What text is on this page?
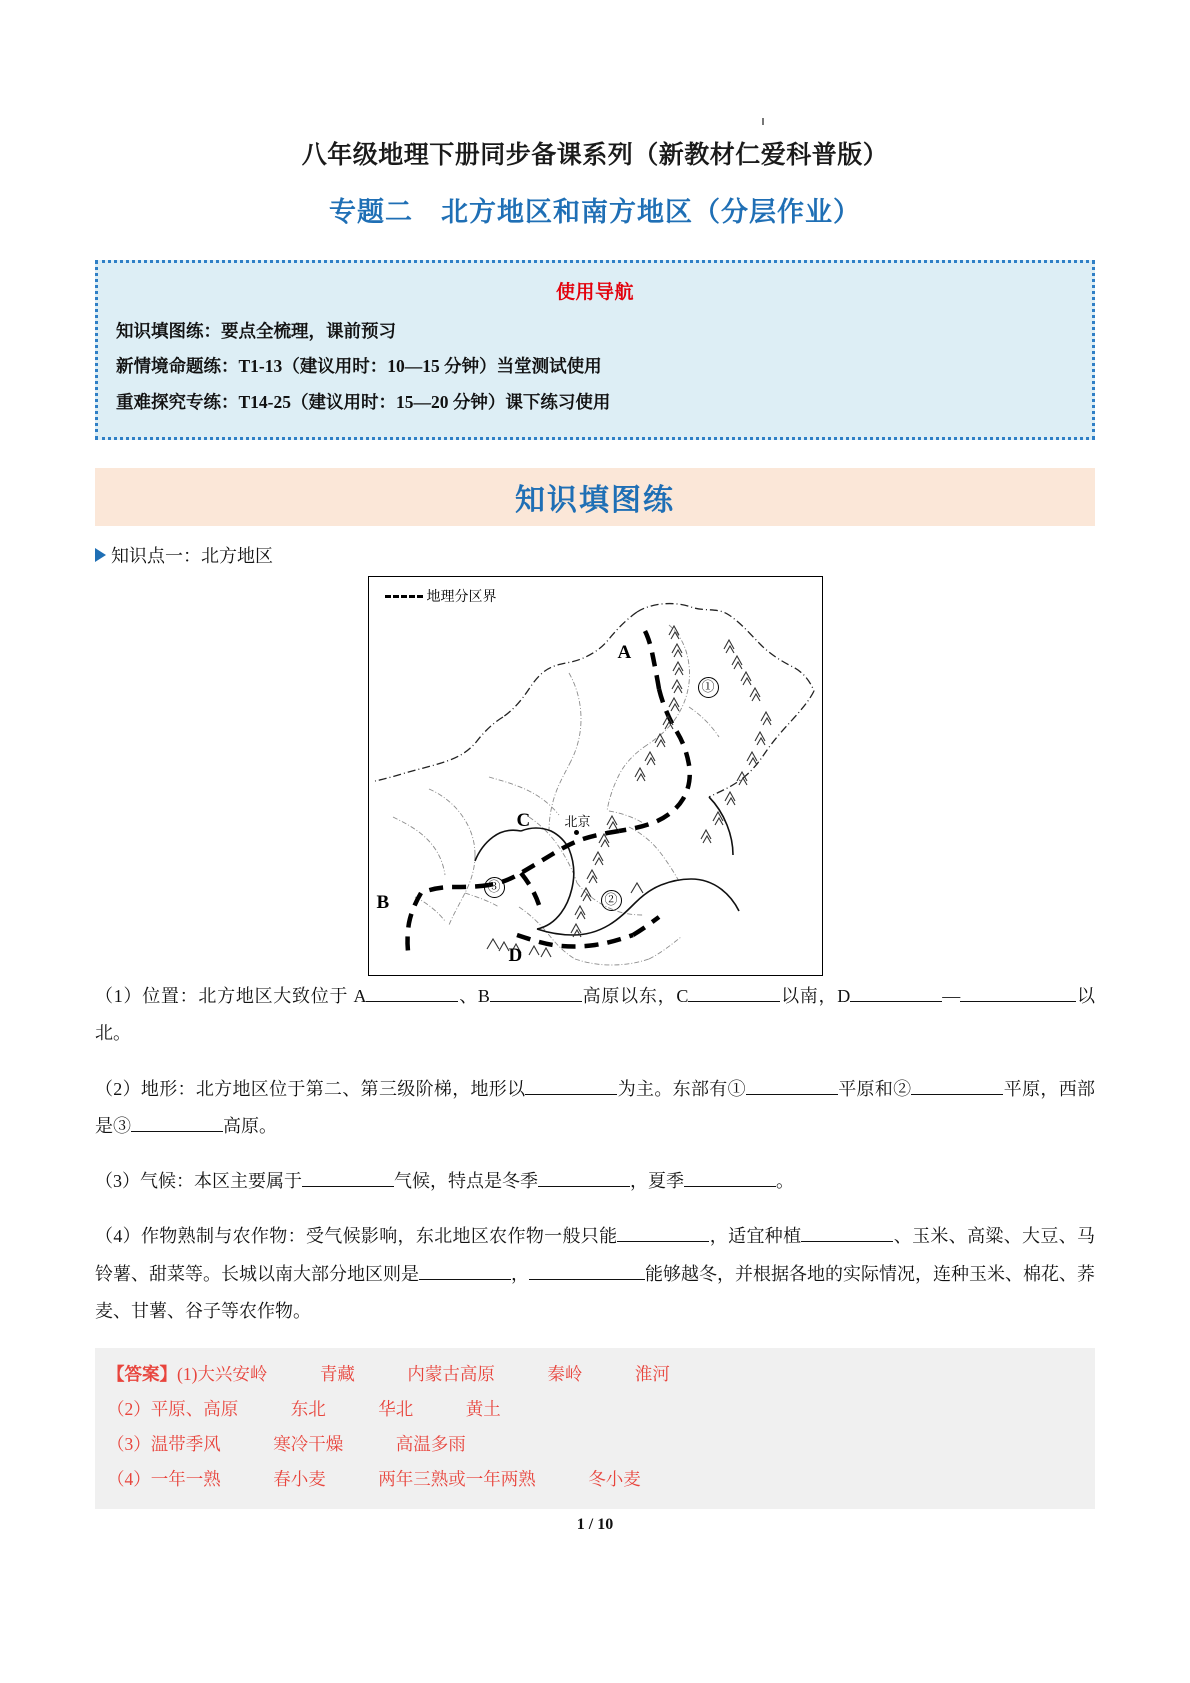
八年级地理下册同步备课系列（新教材仁爱科普版）
专题二　北方地区和南方地区（分层作业）
使用导航
知识填图练：要点全梳理，课前预习
新情境命题练：T1-13（建议用时：10—15 分钟）当堂测试使用
重难探究专练：T14-25（建议用时：15—20 分钟）课下练习使用
知识填图练
知识点一：北方地区
地理分区界
A
B
C
D
北京
①
②
③

（1）位置：北方地区大致位于 A	、B	高原以东，C	以南，D	—	以北。

（2）地形：北方地区位于第二、第三级阶梯，地形以	为主。东部有①	平原和②	平原，西部是③	高原。

（3）气候：本区主要属于	气候，特点是冬季	，夏季	。

（4）作物熟制与农作物：受气候影响，东北地区农作物一般只能	，适宜种植	、玉米、高粱、大豆、马铃薯、甜菜等。长城以南大部分地区则是	，	能够越冬，并根据各地的实际情况，连种玉米、棉花、荞麦、甘薯、谷子等农作物。

【答案】(1)大兴安岭　　　青藏　　　内蒙古高原　　　秦岭　　　淮河
（2）平原、高原　　　东北　　　华北　　　黄土
（3）温带季风　　　寒冷干燥　　　高温多雨
（4）一年一熟　　　春小麦　　　两年三熟或一年两熟　　　冬小麦
1 / 10
